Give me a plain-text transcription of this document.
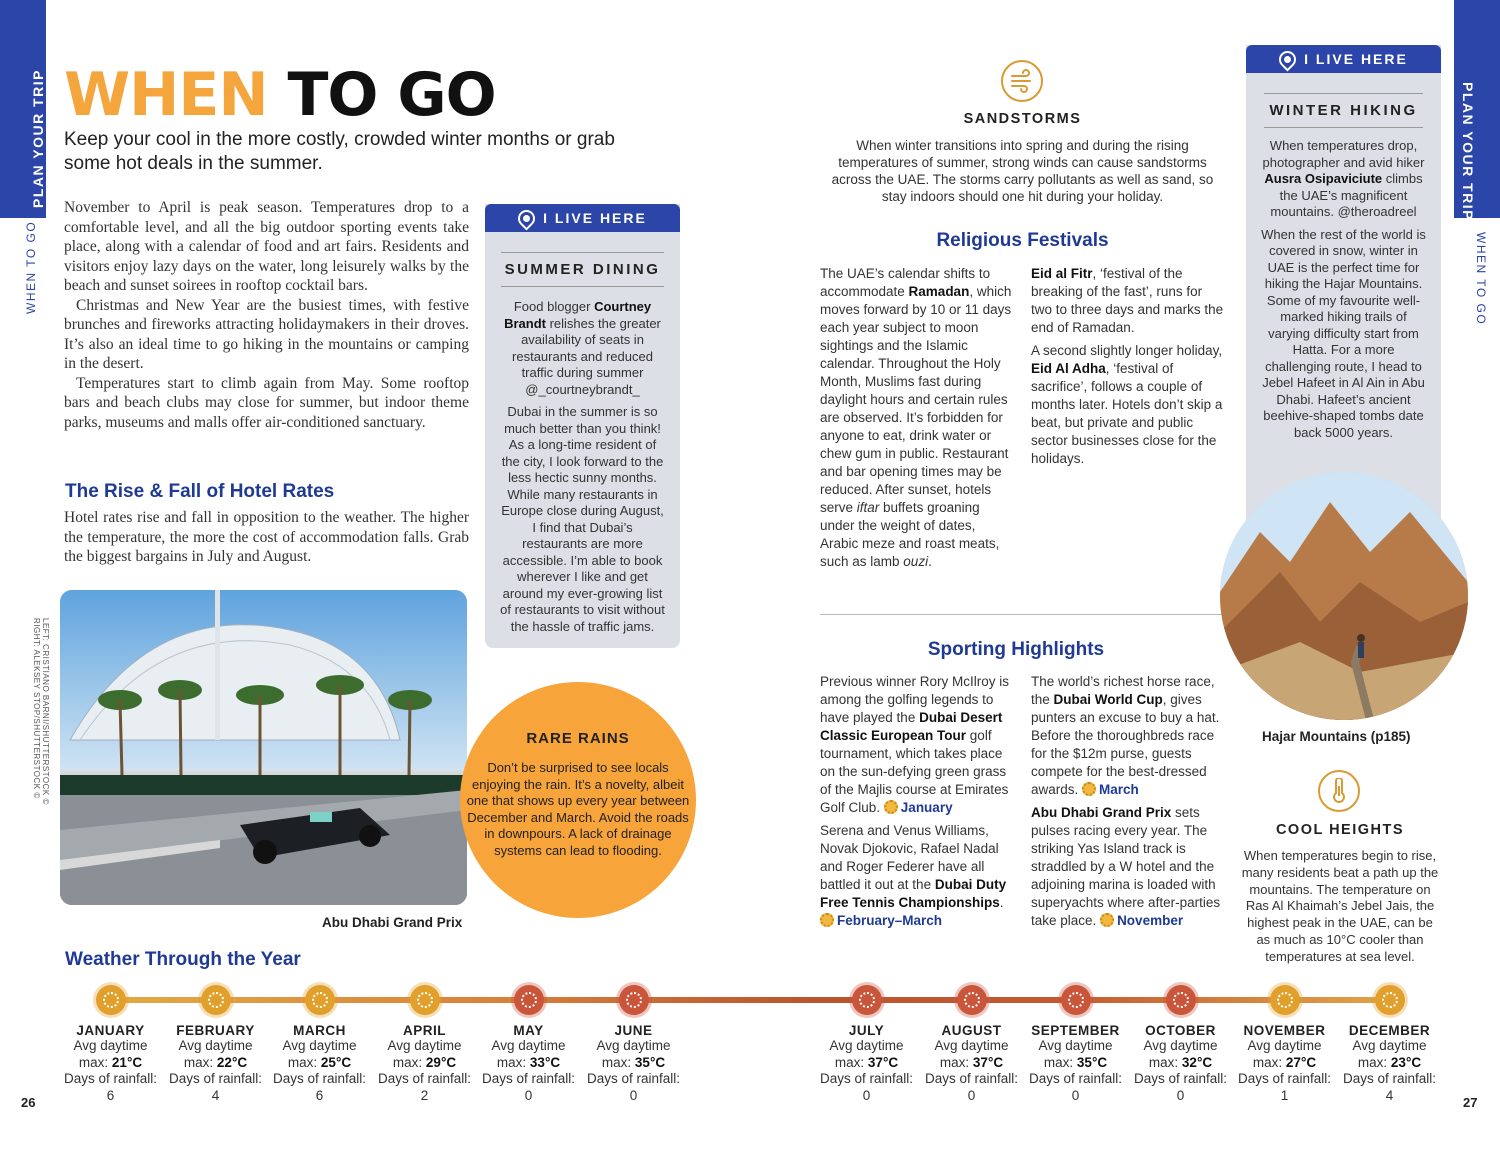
PLAN YOUR TRIP
WHEN TO GO
PLAN YOUR TRIP
WHEN TO GO
WHEN TO GO
Keep your cool in the more costly, crowded winter months or grab some hot deals in the summer.

November to April is peak season. Temperatures drop to a comfortable level, and all the big outdoor sporting events take place, along with a calendar of food and art fairs. Residents and visitors enjoy lazy days on the water, long leisurely walks by the beach and sunset soirees in rooftop cocktail bars.

Christmas and New Year are the busiest times, with festive brunches and fireworks attracting holidaymakers in their droves. It’s also an ideal time to go hiking in the mountains or camping in the desert.

Temperatures start to climb again from May. Some rooftop bars and beach clubs may close for summer, but indoor theme parks, museums and malls offer air-conditioned sanctuary.

The Rise & Fall of Hotel Rates
Hotel rates rise and fall in opposition to the weather. The higher the temperature, the more the cost of accommodation falls. Grab the biggest bargains in July and August.
I LIVE HERE
SUMMER DINING

Food blogger Courtney Brandt relishes the greater availability of seats in restaurants and reduced traffic during summer @_courtneybrandt_

Dubai in the summer is so much better than you think! As a long-time resident of the city, I look forward to the less hectic sunny months. While many restaurants in Europe close during August, I find that Dubai’s restaurants are more accessible. I’m able to book wherever I like and get around my ever-growing list of restaurants to visit without the hassle of traffic jams.

Abu Dhabi Grand Prix
LEFT: CRISTIANO BARNI/SHUTTERSTOCK ©
RIGHT: ALEKSEY STOP/SHUTTERSTOCK ©	RARE RAINS
Don’t be surprised to see locals enjoying the rain. It’s a novelty, albeit one that shows up every year between December and March. Avoid the roads in downpours. A lack of drainage systems can lead to flooding.
SANDSTORMS
When winter transitions into spring and during the rising temperatures of summer, strong winds can cause sandstorms across the UAE. The storms carry pollutants as well as sand, so stay indoors should one hit during your holiday.
Religious Festivals

The UAE’s calendar shifts to accommodate Ramadan, which moves forward by 10 or 11 days each year subject to moon sightings and the Islamic calendar. Throughout the Holy Month, Muslims fast during daylight hours and certain rules are observed. It’s forbidden for anyone to eat, drink water or chew gum in public. Restaurant and bar opening times may be reduced. After sunset, hotels serve iftar buffets groaning under the weight of dates, Arabic meze and roast meats, such as lamb ouzi.

Eid al Fitr, ‘festival of the breaking of the fast’, runs for two to three days and marks the end of Ramadan.

A second slightly longer holiday, Eid Al Adha, ‘festival of sacrifice’, follows a couple of months later. Hotels don’t skip a beat, but private and public sector businesses close for the holidays.

Sporting Highlights

Previous winner Rory McIlroy is among the golfing legends to have played the Dubai Desert Classic European Tour golf tournament, which takes place on the sun-defying green grass of the Majlis course at Emirates Golf Club. January

Serena and Venus Williams, Novak Djokovic, Rafael Nadal and Roger Federer have all battled it out at the Dubai Duty Free Tennis Championships. February–March

The world’s richest horse race, the Dubai World Cup, gives punters an excuse to buy a hat. Before the thoroughbreds race for the $12m purse, guests compete for the best-dressed awards. March

Abu Dhabi Grand Prix sets pulses racing every year. The striking Yas Island track is straddled by a W hotel and the adjoining marina is loaded with superyachts where after-parties take place. November

I LIVE HERE
WINTER HIKING

When temperatures drop, photographer and avid hiker Ausra Osipaviciute climbs the UAE’s magnificent mountains. @theroadreel

When the rest of the world is covered in snow, winter in UAE is the perfect time for hiking the Hajar Mountains. Some of my favourite well-marked hiking trails of varying difficulty start from Hatta. For a more challenging route, I head to Jebel Hafeet in Al Ain in Abu Dhabi. Hafeet’s ancient beehive-shaped tombs date back 5000 years.

Hajar Mountains (p185)
COOL HEIGHTS
When temperatures begin to rise, many residents beat a path up the mountains. The temperature on Ras Al Khaimah’s Jebel Jais, the highest peak in the UAE, can be as much as 10°C cooler than temperatures at sea level.
Weather Through the Year
JANUARY
Avg daytime
max: 21°C
Days of rainfall:
6
FEBRUARY
Avg daytime
max: 22°C
Days of rainfall:
4
MARCH
Avg daytime
max: 25°C
Days of rainfall:
6
APRIL
Avg daytime
max: 29°C
Days of rainfall:
2
MAY
Avg daytime
max: 33°C
Days of rainfall:
0
JUNE
Avg daytime
max: 35°C
Days of rainfall:
0
JULY
Avg daytime
max: 37°C
Days of rainfall:
0
AUGUST
Avg daytime
max: 37°C
Days of rainfall:
0
SEPTEMBER
Avg daytime
max: 35°C
Days of rainfall:
0
OCTOBER
Avg daytime
max: 32°C
Days of rainfall:
0
NOVEMBER
Avg daytime
max: 27°C
Days of rainfall:
1
DECEMBER
Avg daytime
max: 23°C
Days of rainfall:
4
26	27
